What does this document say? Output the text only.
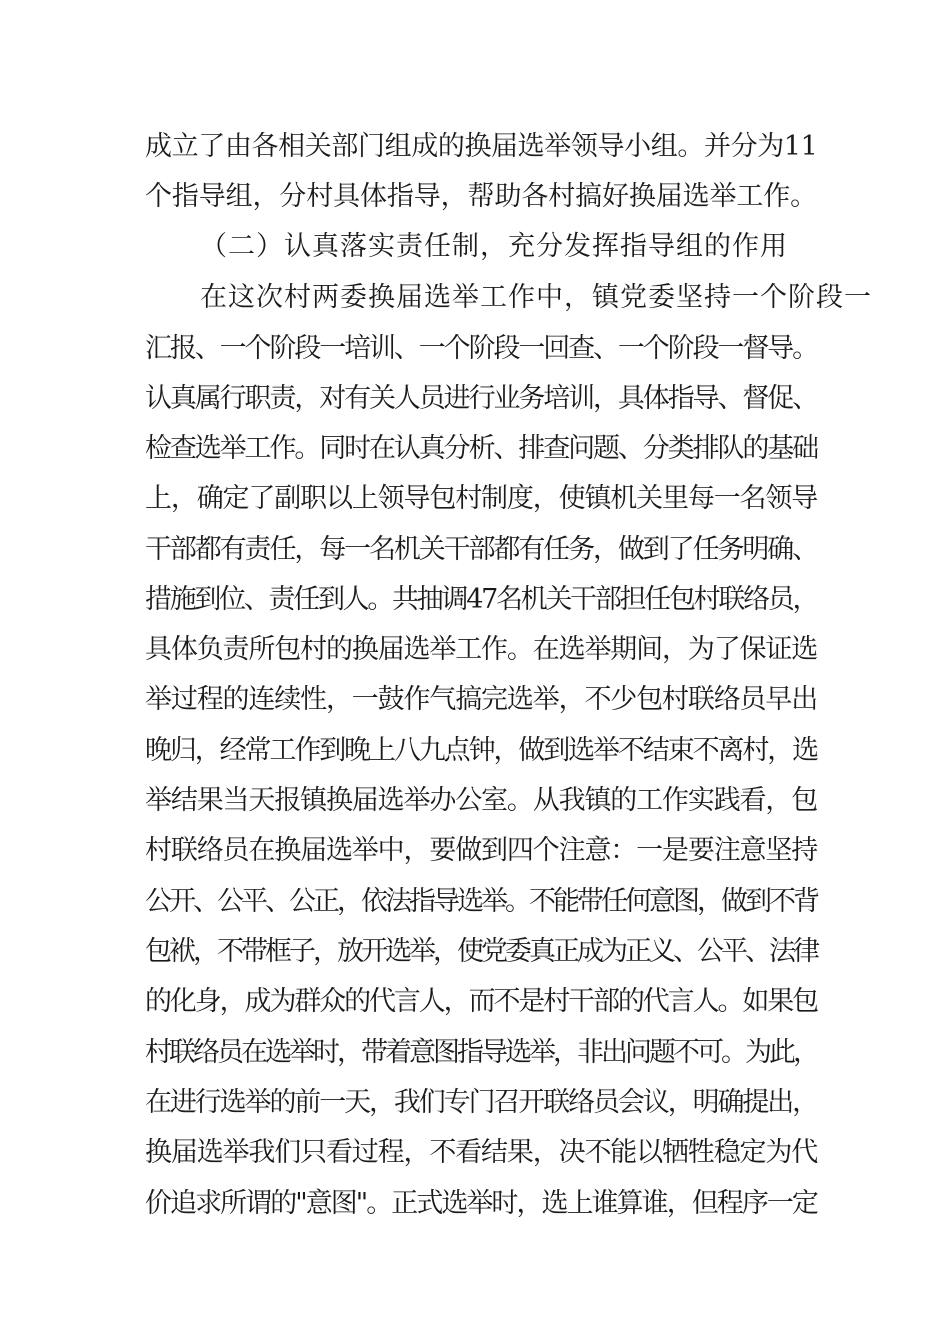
成立了由各相关部门组成的换届选举领导小组。并分为11
个指导组，分村具体指导，帮助各村搞好换届选举工作。
（二）认真落实责任制，充分发挥指导组的作用
在这次村两委换届选举工作中，镇党委坚持一个阶段一
汇报、一个阶段一培训、一个阶段一回查、一个阶段一督导。
认真属行职责，对有关人员进行业务培训，具体指导、督促、
检查选举工作。同时在认真分析、排查问题、分类排队的基础
上，确定了副职以上领导包村制度，使镇机关里每一名领导
干部都有责任，每一名机关干部都有任务，做到了任务明确、
措施到位、责任到人。共抽调47名机关干部担任包村联络员，
具体负责所包村的换届选举工作。在选举期间，为了保证选
举过程的连续性，一鼓作气搞完选举，不少包村联络员早出
晚归，经常工作到晚上八九点钟，做到选举不结束不离村，选
举结果当天报镇换届选举办公室。从我镇的工作实践看，包
村联络员在换届选举中，要做到四个注意：一是要注意坚持
公开、公平、公正，依法指导选举。不能带任何意图，做到不背
包袱，不带框子，放开选举，使党委真正成为正义、公平、法律
的化身，成为群众的代言人，而不是村干部的代言人。如果包
村联络员在选举时，带着意图指导选举，非出问题不可。为此，
在进行选举的前一天，我们专门召开联络员会议，明确提出，
换届选举我们只看过程，不看结果，决不能以牺牲稳定为代
价追求所谓的"意图"。正式选举时，选上谁算谁，但程序一定
